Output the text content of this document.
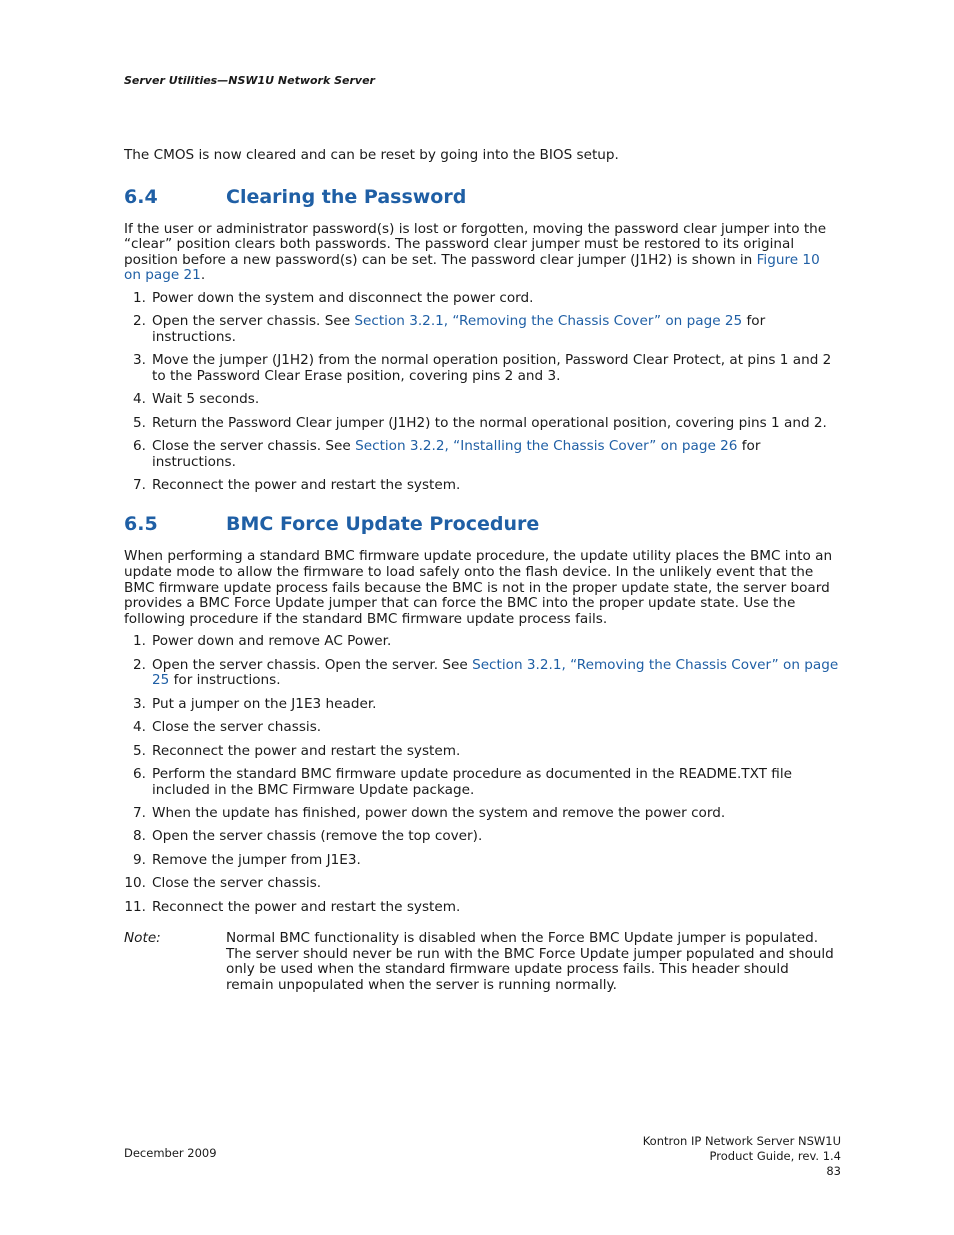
Server Utilities—NSW1U Network Server

The CMOS is now cleared and can be reset by going into the BIOS setup.

6.4	Clearing the Password

If the user or administrator password(s) is lost or forgotten, moving the password clear jumper into the “clear” position clears both passwords. The password clear jumper must be restored to its original position before a new password(s) can be set. The password clear jumper (J1H2) is shown in Figure 10 on page 21.

1. Power down the system and disconnect the power cord.
2. Open the server chassis. See Section 3.2.1, “Removing the Chassis Cover” on page 25 for instructions.
3. Move the jumper (J1H2) from the normal operation position, Password Clear Protect, at pins 1 and 2 to the Password Clear Erase position, covering pins 2 and 3.
4. Wait 5 seconds.
5. Return the Password Clear jumper (J1H2) to the normal operational position, covering pins 1 and 2.
6. Close the server chassis. See Section 3.2.2, “Installing the Chassis Cover” on page 26 for instructions.
7. Reconnect the power and restart the system.
6.5	BMC Force Update Procedure

When performing a standard BMC firmware update procedure, the update utility places the BMC into an update mode to allow the firmware to load safely onto the flash device. In the unlikely event that the BMC firmware update process fails because the BMC is not in the proper update state, the server board provides a BMC Force Update jumper that can force the BMC into the proper update state. Use the following procedure if the standard BMC firmware update process fails.

1. Power down and remove AC Power.
2. Open the server chassis. Open the server. See Section 3.2.1, “Removing the Chassis Cover” on page 25 for instructions.
3. Put a jumper on the J1E3 header.
4. Close the server chassis.
5. Reconnect the power and restart the system.
6. Perform the standard BMC firmware update procedure as documented in the README.TXT file included in the BMC Firmware Update package.
7. When the update has finished, power down the system and remove the power cord.
8. Open the server chassis (remove the top cover).
9. Remove the jumper from J1E3.
10. Close the server chassis.
11. Reconnect the power and restart the system.
Note:	Normal BMC functionality is disabled when the Force BMC Update jumper is populated. The server should never be run with the BMC Force Update jumper populated and should only be used when the standard firmware update process fails. This header should remain unpopulated when the server is running normally.
December 2009
Kontron IP Network Server NSW1U
Product Guide, rev. 1.4
83
